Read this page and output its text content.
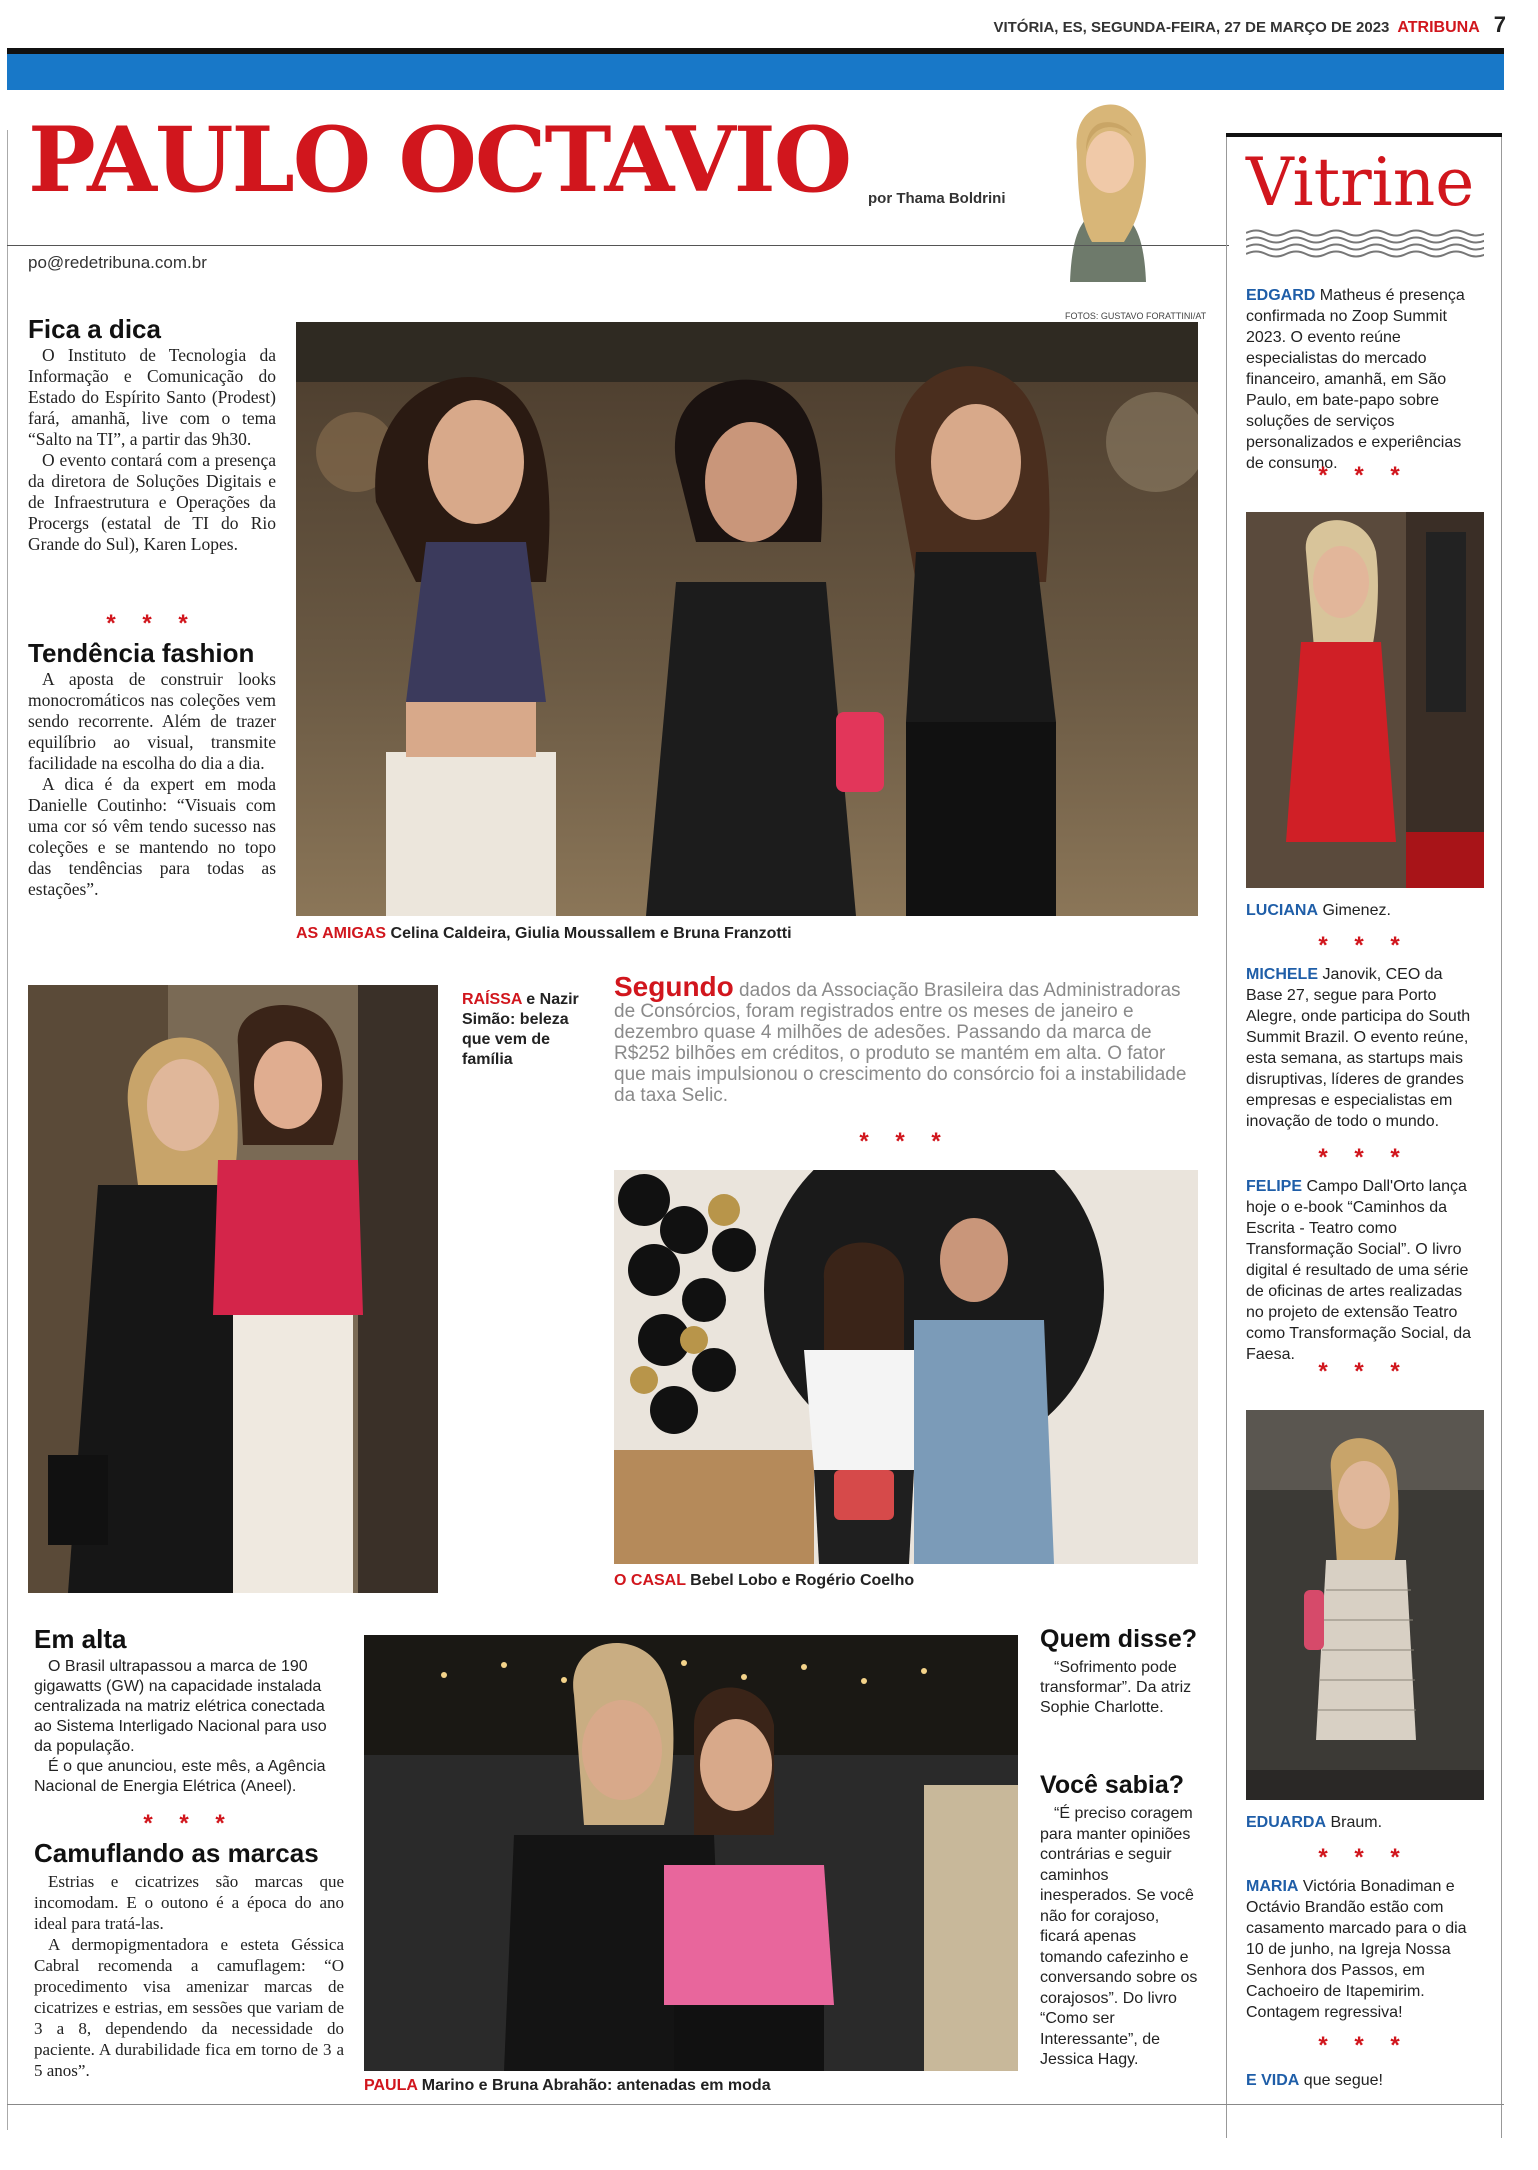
VITÓRIA, ES, SEGUNDA-FEIRA, 27 DE MARÇO DE 2023 ATRIBUNA 7
PAULO OCTAVIO por Thama Boldrini
po@redetribuna.com.br
Fica a dica

O Instituto de Tecnologia da Informação e Comunicação do Estado do Espírito Santo (Prodest) fará, amanhã, live com o tema “Salto na TI”, a partir das 9h30.

O evento contará com a presença da diretora de Soluções Digitais e de Infraestrutura e Operações da Procergs (estatal de TI do Rio Grande do Sul), Karen Lopes.

* * *
Tendência fashion

A aposta de construir looks monocromáticos nas coleções vem sendo recorrente. Além de trazer equilíbrio ao visual, transmite facilidade na escolha do dia a dia.

A dica é da expert em moda Danielle Coutinho: “Visuais com uma cor só vêm tendo sucesso nas coleções e se mantendo no topo das tendências para todas as estações”.

FOTOS: GUSTAVO FORATTINI/AT
AS AMIGAS Celina Caldeira, Giulia Moussallem e Bruna Franzotti
RAÍSSA e Nazir Simão: beleza que vem de família
Segundo dados da Associação Brasileira das Administradoras de Consórcios, foram registrados entre os meses de janeiro e dezembro quase 4 milhões de adesões. Passando da marca de R$252 bilhões em créditos, o produto se mantém em alta. O fator que mais impulsionou o crescimento do consórcio foi a instabilidade da taxa Selic.
* * *
O CASAL Bebel Lobo e Rogério Coelho
Em alta

O Brasil ultrapassou a marca de 190 gigawatts (GW) na capacidade instalada centralizada na matriz elétrica conectada ao Sistema Interligado Nacional para uso da população.

É o que anunciou, este mês, a Agência Nacional de Energia Elétrica (Aneel).

* * *
Camuflando as marcas

Estrias e cicatrizes são marcas que incomodam. E o outono é a época do ano ideal para tratá-las.

A dermopigmentadora e esteta Géssica Cabral recomenda a camuflagem: “O procedimento visa amenizar marcas de cicatrizes e estrias, em sessões que variam de 3 a 8, dependendo da necessidade do paciente. A durabilidade fica em torno de 3 a 5 anos”.

PAULA Marino e Bruna Abrahão: antenadas em moda
Quem disse?
“Sofrimento pode transformar”. Da atriz Sophie Charlotte.
Você sabia?
“É preciso coragem para manter opiniões contrárias e seguir caminhos inesperados. Se você não for corajoso, ficará apenas tomando cafezinho e conversando sobre os corajosos”. Do livro “Como ser Interessante”, de Jessica Hagy.
Vitrine
EDGARD Matheus é presença confirmada no Zoop Summit 2023. O evento reúne especialistas do mercado financeiro, amanhã, em São Paulo, em bate-papo sobre soluções de serviços personalizados e experiências de consumo.
* * *
LUCIANA Gimenez.
* * *
MICHELE Janovik, CEO da Base 27, segue para Porto Alegre, onde participa do South Summit Brazil. O evento reúne, esta semana, as startups mais disruptivas, líderes de grandes empresas e especialistas em inovação de todo o mundo.
* * *
FELIPE Campo Dall'Orto lança hoje o e-book “Caminhos da Escrita - Teatro como Transformação Social”. O livro digital é resultado de uma série de oficinas de artes realizadas no projeto de extensão Teatro como Transformação Social, da Faesa.
* * *
EDUARDA Braum.
* * *
MARIA Victória Bonadiman e Octávio Brandão estão com casamento marcado para o dia 10 de junho, na Igreja Nossa Senhora dos Passos, em Cachoeiro de Itapemirim. Contagem regressiva!
* * *
E VIDA que segue!
